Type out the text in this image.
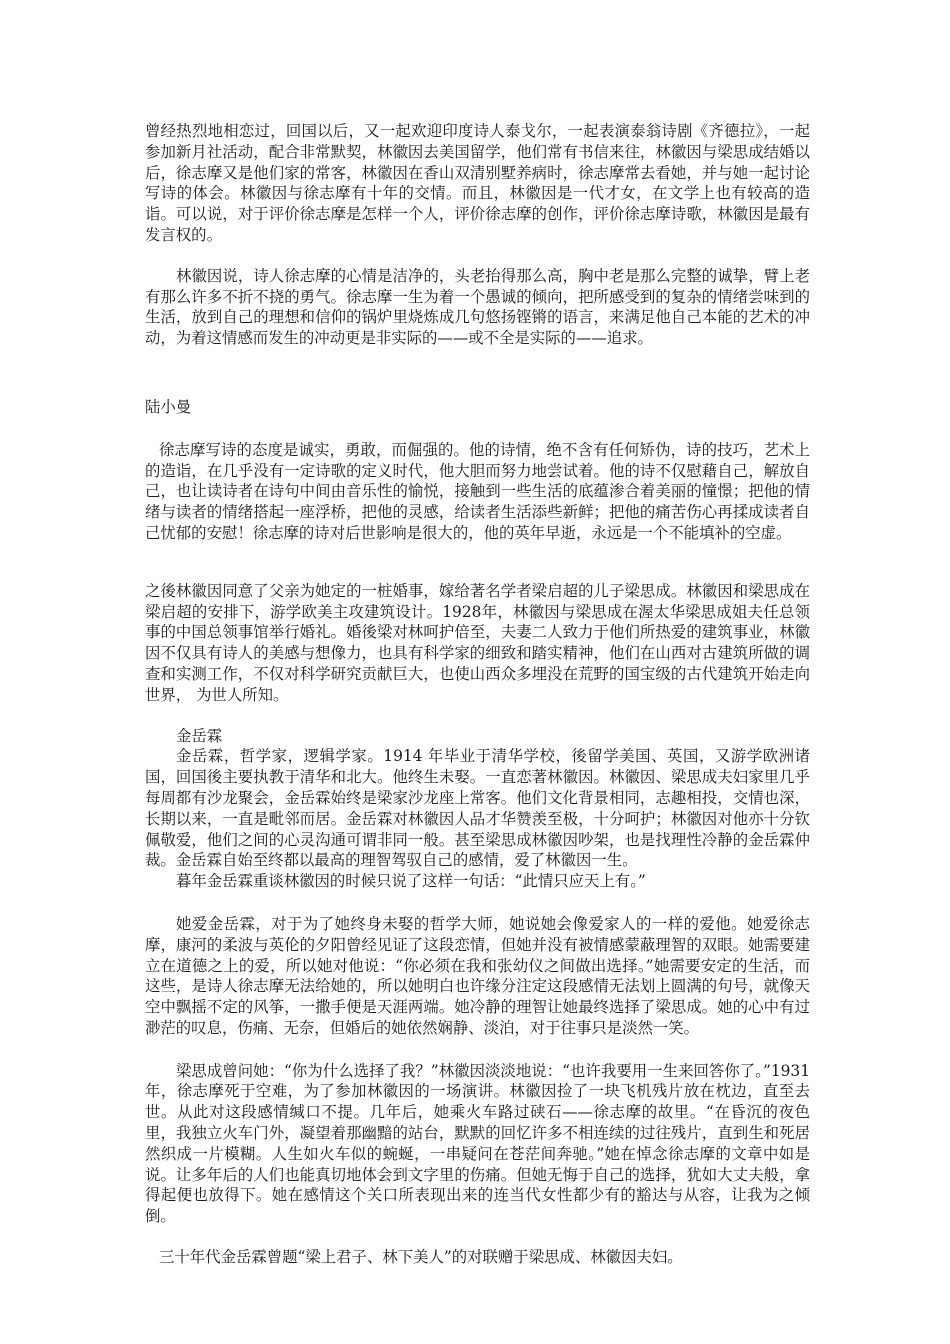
曾经热烈地相恋过，回国以后，又一起欢迎印度诗人泰戈尔，一起表演泰翁诗剧《齐德拉》，一起参加新月社活动，配合非常默契，林徽因去美国留学，他们常有书信来往，林徽因与梁思成结婚以后，徐志摩又是他们家的常客，林徽因在香山双清别墅养病时，徐志摩常去看她，并与她一起讨论写诗的体会。林徽因与徐志摩有十年的交情。而且，林徽因是一代才女，在文学上也有较高的造诣。可以说，对于评价徐志摩是怎样一个人，评价徐志摩的创作，评价徐志摩诗歌，林徽因是最有发言权的。

林徽因说，诗人徐志摩的心情是洁净的，头老抬得那么高，胸中老是那么完整的诚挚，臂上老有那么许多不折不挠的勇气。徐志摩一生为着一个愚诚的倾向，把所感受到的复杂的情绪尝味到的生活，放到自己的理想和信仰的锅炉里烧炼成几句悠扬铿锵的语言，来满足他自己本能的艺术的冲动，为着这情感而发生的冲动更是非实际的——或不全是实际的——追求。

陆小曼

徐志摩写诗的态度是诚实，勇敢，而倔强的。他的诗情，绝不含有任何矫伪，诗的技巧，艺术上的造诣，在几乎没有一定诗歌的定义时代，他大胆而努力地尝试着。他的诗不仅慰藉自己，解放自己，也让读诗者在诗句中间由音乐性的愉悦，接触到一些生活的底蕴渗合着美丽的憧憬；把他的情绪与读者的情绪搭起一座浮桥，把他的灵感，给读者生活添些新鲜；把他的痛苦伤心再揉成读者自己忧郁的安慰！徐志摩的诗对后世影响是很大的，他的英年早逝，永远是一个不能填补的空虚。

之後林徽因同意了父亲为她定的一桩婚事，嫁给著名学者梁启超的儿子梁思成。林徽因和梁思成在梁启超的安排下，游学欧美主攻建筑设计。1928年，林徽因与梁思成在渥太华梁思成姐夫任总领事的中国总领事馆举行婚礼。婚後梁对林呵护倍至，夫妻二人致力于他们所热爱的建筑事业，林徽因不仅具有诗人的美感与想像力，也具有科学家的细致和踏实精神，他们在山西对古建筑所做的调查和实测工作，不仅对科学研究贡献巨大，也使山西众多埋没在荒野的国宝级的古代建筑开始走向世界， 为世人所知。

金岳霖

金岳霖，哲学家，逻辑学家。1914 年毕业于清华学校，後留学美国、英国，又游学欧洲诸国，回国後主要执教于清华和北大。他终生未娶。一直恋著林徽因。林徽因、梁思成夫妇家里几乎每周都有沙龙聚会，金岳霖始终是梁家沙龙座上常客。他们文化背景相同，志趣相投，交情也深，长期以来，一直是毗邻而居。金岳霖对林徽因人品才华赞羡至极，十分呵护；林徽因对他亦十分钦佩敬爱，他们之间的心灵沟通可谓非同一般。甚至梁思成林徽因吵架，也是找理性冷静的金岳霖仲裁。金岳霖自始至终都以最高的理智驾驭自己的感情，爱了林徽因一生。

暮年金岳霖重谈林徽因的时候只说了这样一句话：“此情只应天上有。”

她爱金岳霖，对于为了她终身未娶的哲学大师，她说她会像爱家人的一样的爱他。她爱徐志摩，康河的柔波与英伦的夕阳曾经见证了这段恋情，但她并没有被情感蒙蔽理智的双眼。她需要建立在道德之上的爱，所以她对他说：“你必须在我和张幼仪之间做出选择。”她需要安定的生活，而这些，是诗人徐志摩无法给她的，所以她明白也许缘分注定这段感情无法划上圆满的句号，就像天空中飘摇不定的风筝，一撒手便是天涯两端。她冷静的理智让她最终选择了梁思成。她的心中有过渺茫的叹息，伤痛、无奈，但婚后的她依然娴静、淡泊，对于往事只是淡然一笑。

梁思成曾问她：“你为什么选择了我？”林徽因淡淡地说：“也许我要用一生来回答你了。”1931 年，徐志摩死于空难，为了参加林徽因的一场演讲。林徽因捡了一块飞机残片放在枕边，直至去世。从此对这段感情缄口不提。几年后，她乘火车路过硖石——徐志摩的故里。“在昏沉的夜色里，我独立火车门外，凝望着那幽黯的站台，默默的回忆许多不相连续的过往残片，直到生和死居然织成一片模糊。人生如火车似的蜿蜒，一串疑问在苍茫间奔驰。”她在悼念徐志摩的文章中如是说。让多年后的人们也能真切地体会到文字里的伤痛。但她无悔于自己的选择，犹如大丈夫般，拿得起便也放得下。她在感情这个关口所表现出来的连当代女性都少有的豁达与从容，让我为之倾倒。

三十年代金岳霖曾题“梁上君子、林下美人”的对联赠于梁思成、林徽因夫妇。
